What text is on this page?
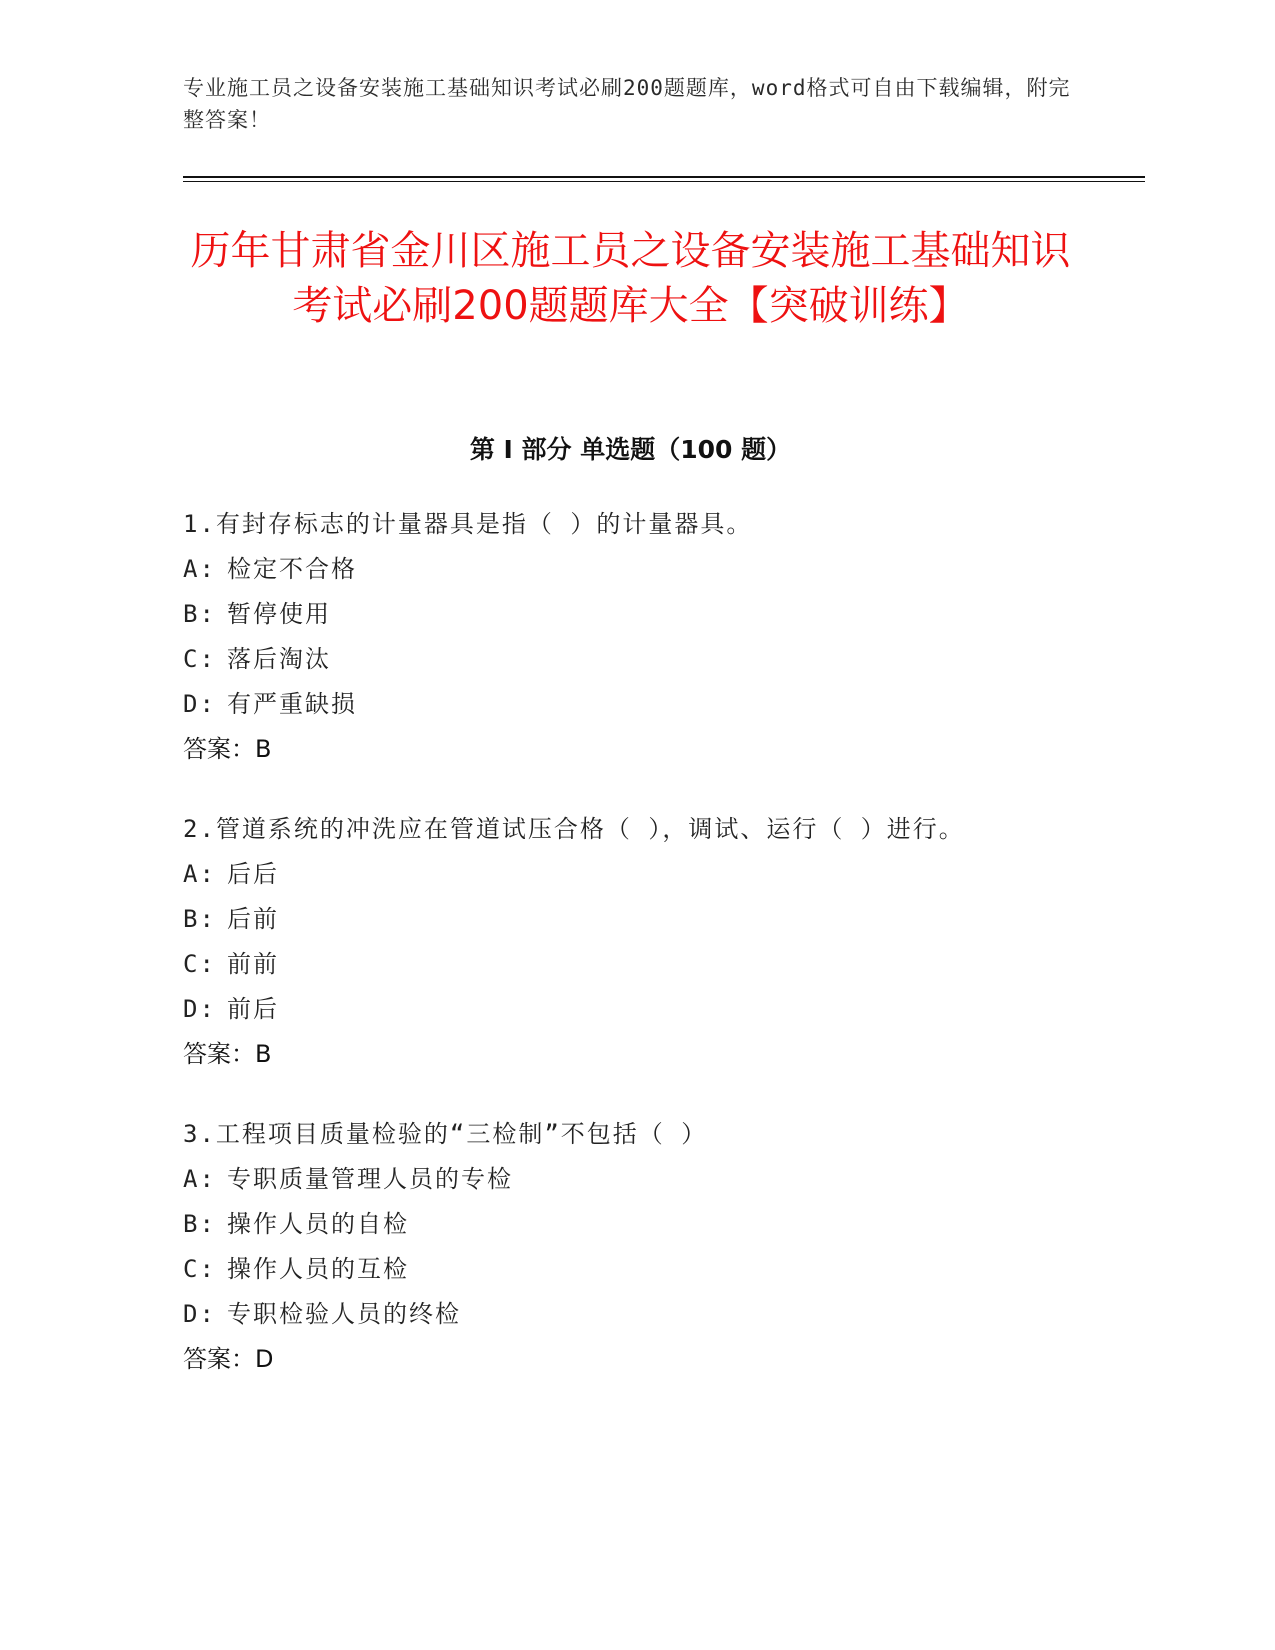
专业施工员之设备安装施工基础知识考试必刷200题题库，word格式可自由下载编辑，附完整答案！
历年甘肃省金川区施工员之设备安装施工基础知识考试必刷200题题库大全【突破训练】
第 I 部分 单选题（100 题）
1.有封存标志的计量器具是指（ ）的计量器具。
A: 检定不合格
B: 暂停使用
C: 落后淘汰
D: 有严重缺损
答案：B
2.管道系统的冲洗应在管道试压合格（ ），调试、运行（ ）进行。
A: 后后
B: 后前
C: 前前
D: 前后
答案：B
3.工程项目质量检验的“三检制”不包括（ ）
A: 专职质量管理人员的专检
B: 操作人员的自检
C: 操作人员的互检
D: 专职检验人员的终检
答案：D
